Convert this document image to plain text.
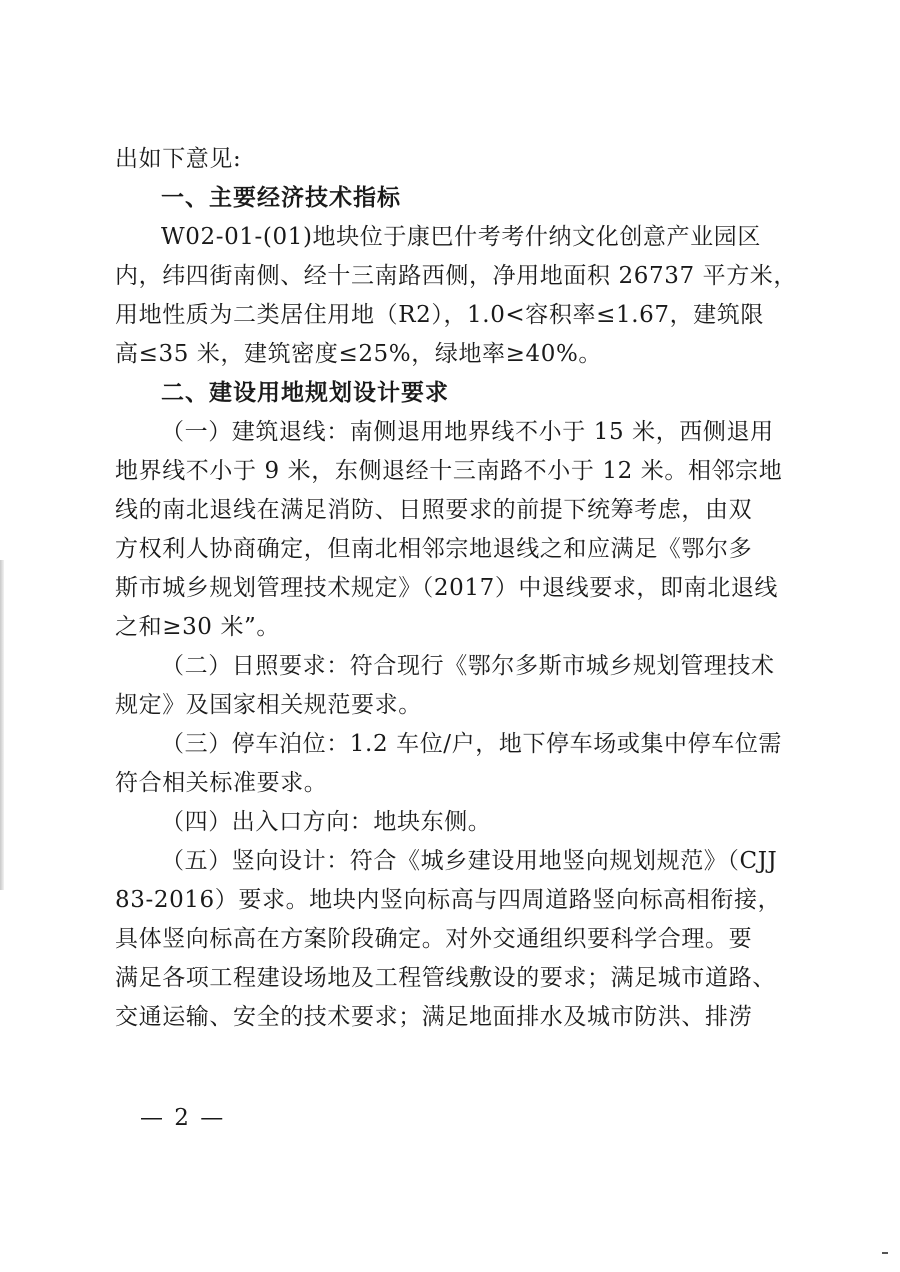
出如下意见:
一、主要经济技术指标
W02-01-(01)地块位于康巴什考考什纳文化创意产业园区
内，纬四街南侧、经十三南路西侧，净用地面积 26737 平方米，
用地性质为二类居住用地（R2），1.0<容积率≤1.67，建筑限
高≤35 米，建筑密度≤25%，绿地率≥40%。
二、建设用地规划设计要求
（一）建筑退线：南侧退用地界线不小于 15 米，西侧退用
地界线不小于 9 米，东侧退经十三南路不小于 12 米。相邻宗地
线的南北退线在满足消防、日照要求的前提下统筹考虑，由双
方权利人协商确定，但南北相邻宗地退线之和应满足《鄂尔多
斯市城乡规划管理技术规定》（2017）中退线要求，即南北退线
之和≥30 米”。
（二）日照要求：符合现行《鄂尔多斯市城乡规划管理技术
规定》及国家相关规范要求。
（三）停车泊位：1.2 车位/户，地下停车场或集中停车位需
符合相关标准要求。
（四）出入口方向：地块东侧。
（五）竖向设计：符合《城乡建设用地竖向规划规范》（CJJ
83-2016）要求。地块内竖向标高与四周道路竖向标高相衔接，
具体竖向标高在方案阶段确定。对外交通组织要科学合理。要
满足各项工程建设场地及工程管线敷设的要求；满足城市道路、
交通运输、安全的技术要求；满足地面排水及城市防洪、排涝
— 2 —
